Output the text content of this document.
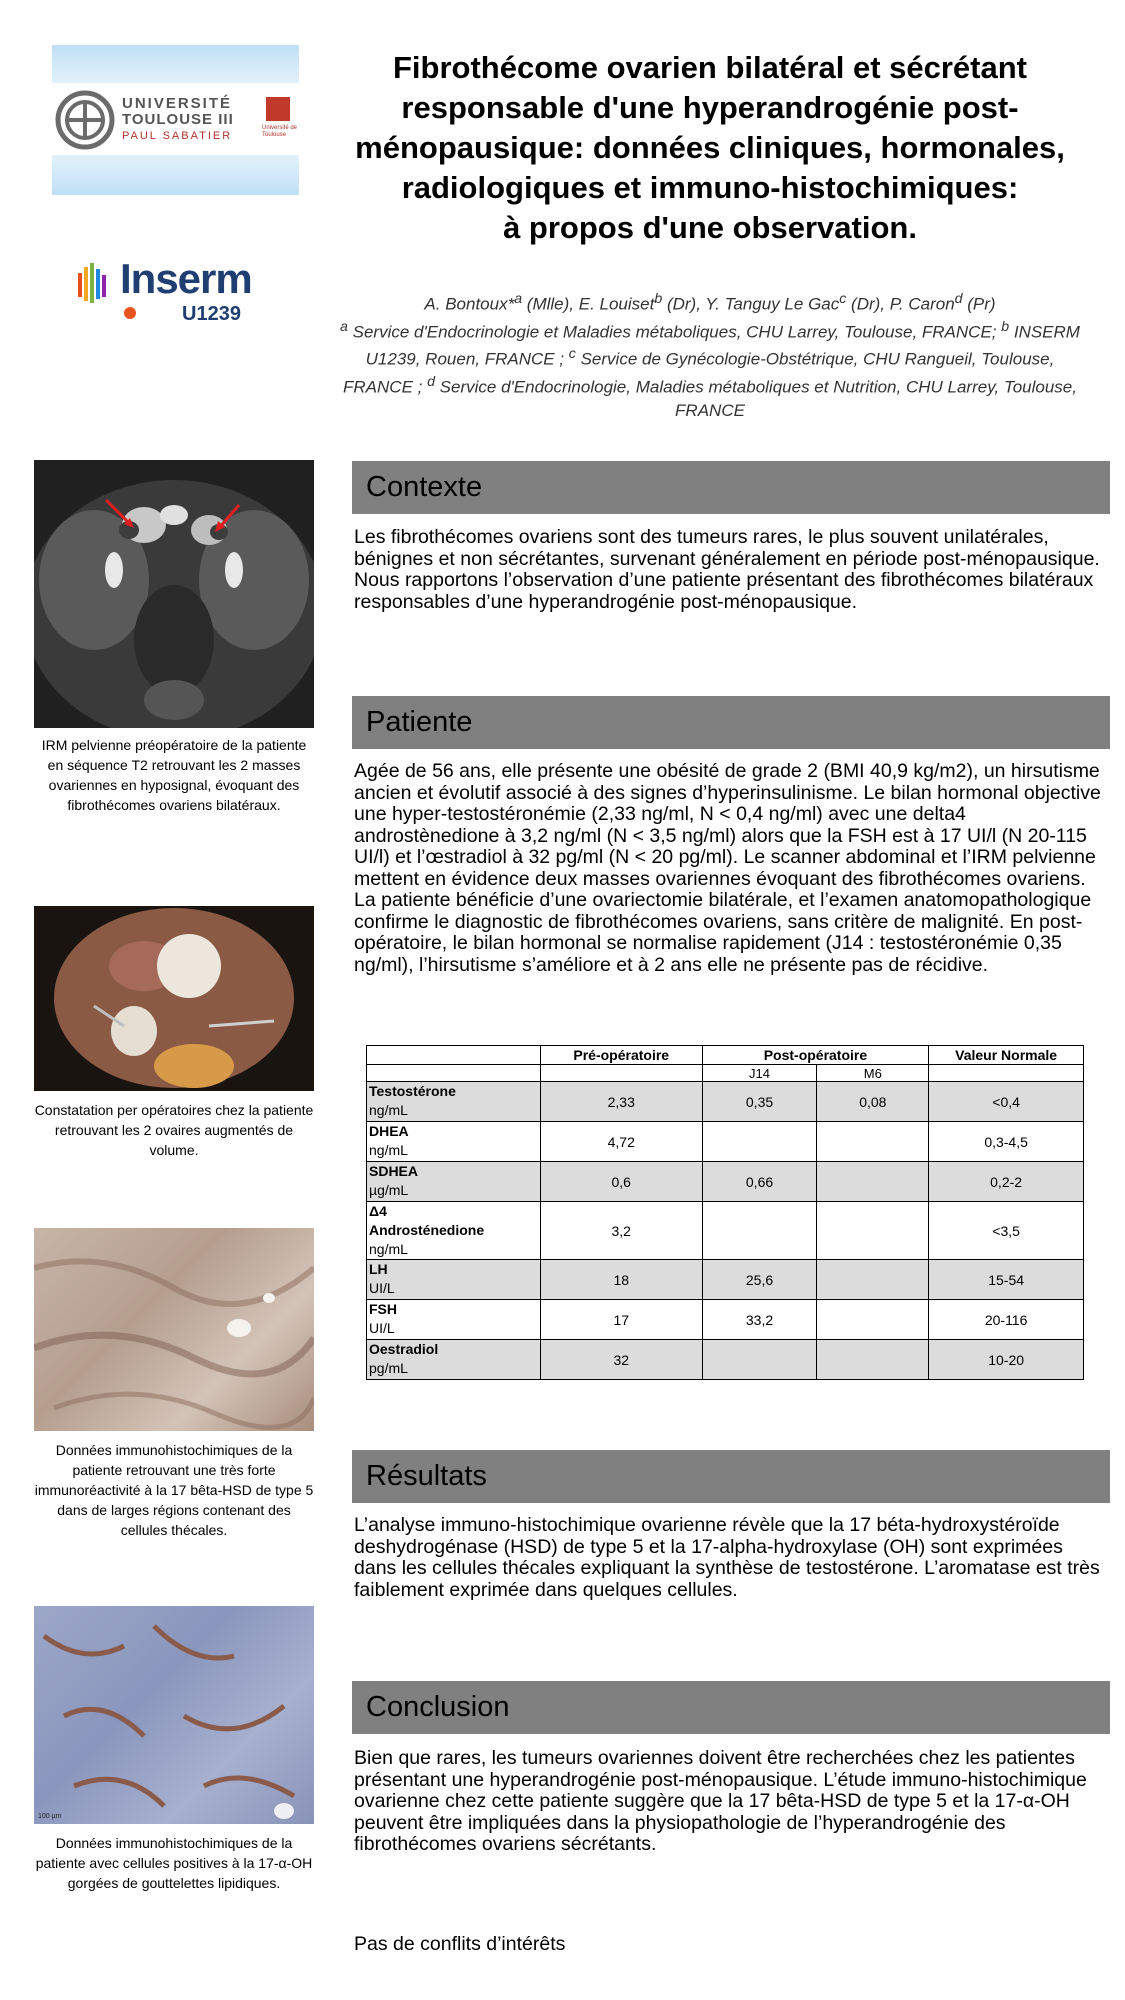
UNIVERSITÉ
TOULOUSE III
PAUL SABATIER
Université de Toulouse
Inserm
U1239
Fibrothécome ovarien bilatéral et sécrétant
responsable d'une hyperandrogénie post-
ménopausique: données cliniques, hormonales,
radiologiques et immuno-histochimiques:
à propos d'une observation.
A. Bontoux*$^a$ (Mlle), E. Louiset$^b$ (Dr), Y. Tanguy Le Gac$^c$ (Dr), P. Caron$^d$ (Pr)
$^a$ Service d'Endocrinologie et Maladies métaboliques, CHU Larrey, Toulouse, FRANCE; $^b$ INSERM U1239, Rouen, FRANCE ; $^c$ Service de Gynécologie-Obstétrique, CHU Rangueil, Toulouse, FRANCE ; $^d$ Service d'Endocrinologie, Maladies métaboliques et Nutrition, CHU Larrey, Toulouse, FRANCE
IRM pelvienne préopératoire de la patiente en séquence T2 retrouvant les 2 masses ovariennes en hyposignal, évoquant des fibrothécomes ovariens bilatéraux.
Constatation per opératoires chez la patiente retrouvant les 2 ovaires augmentés de volume.
Données immunohistochimiques de la patiente retrouvant une très forte immunoréactivité à la 17 bêta-HSD de type 5 dans de larges régions contenant des cellules thécales.
100 µm
Données immunohistochimiques de la patiente avec cellules positives à la 17-α-OH gorgées de gouttelettes lipidiques.
Contexte
Les fibrothécomes ovariens sont des tumeurs rares, le plus souvent unilatérales, bénignes et non sécrétantes, survenant généralement en période post-ménopausique. Nous rapportons l’observation d’une patiente présentant des fibrothécomes bilatéraux responsables d’une hyperandrogénie post-ménopausique.
Patiente
Agée de 56 ans, elle présente une obésité de grade 2 (BMI 40,9 kg/m2), un hirsutisme ancien et évolutif associé à des signes d’hyperinsulinisme. Le bilan hormonal objective une hyper-testostéronémie (2,33 ng/ml, N < 0,4 ng/ml) avec une delta4 androstènedione à 3,2 ng/ml (N < 3,5 ng/ml) alors que la FSH est à 17 UI/l (N 20-115 UI/l) et l’œstradiol à 32 pg/ml (N < 20 pg/ml). Le scanner abdominal et l’IRM pelvienne mettent en évidence deux masses ovariennes évoquant des fibrothécomes ovariens. La patiente bénéficie d’une ovariectomie bilatérale, et l’examen anatomopathologique confirme le diagnostic de fibrothécomes ovariens, sans critère de malignité. En post-opératoire, le bilan hormonal se normalise rapidement (J14 : testostéronémie 0,35 ng/ml), l’hirsutisme s’améliore et à 2 ans elle ne présente pas de récidive.
	Pré-opératoire	Post-opératoire		Valeur Normale
		J14	M6	
Testostérone
ng/mL	2,33	0,35	0,08	<0,4
DHEA
ng/mL	4,72			0,3-4,5
SDHEA
µg/mL	0,6	0,66		0,2-2
Δ4
Androsténedione
ng/mL	3,2			<3,5
LH
UI/L	18	25,6		15-54
FSH
UI/L	17	33,2		20-116
Oestradiol
pg/mL	32			10-20
Résultats
L’analyse immuno-histochimique ovarienne révèle que la 17 béta-hydroxystéroïde deshydrogénase (HSD) de type 5 et la 17-alpha-hydroxylase (OH) sont exprimées dans les cellules thécales expliquant la synthèse de testostérone. L’aromatase est très faiblement exprimée dans quelques cellules.
Conclusion
Bien que rares, les tumeurs ovariennes doivent être recherchées chez les patientes présentant une hyperandrogénie post-ménopausique. L’étude immuno-histochimique ovarienne chez cette patiente suggère que la 17 bêta-HSD de type 5 et la 17-α-OH peuvent être impliquées dans la physiopathologie de l’hyperandrogénie des fibrothécomes ovariens sécrétants.
Pas de conflits d’intérêts
